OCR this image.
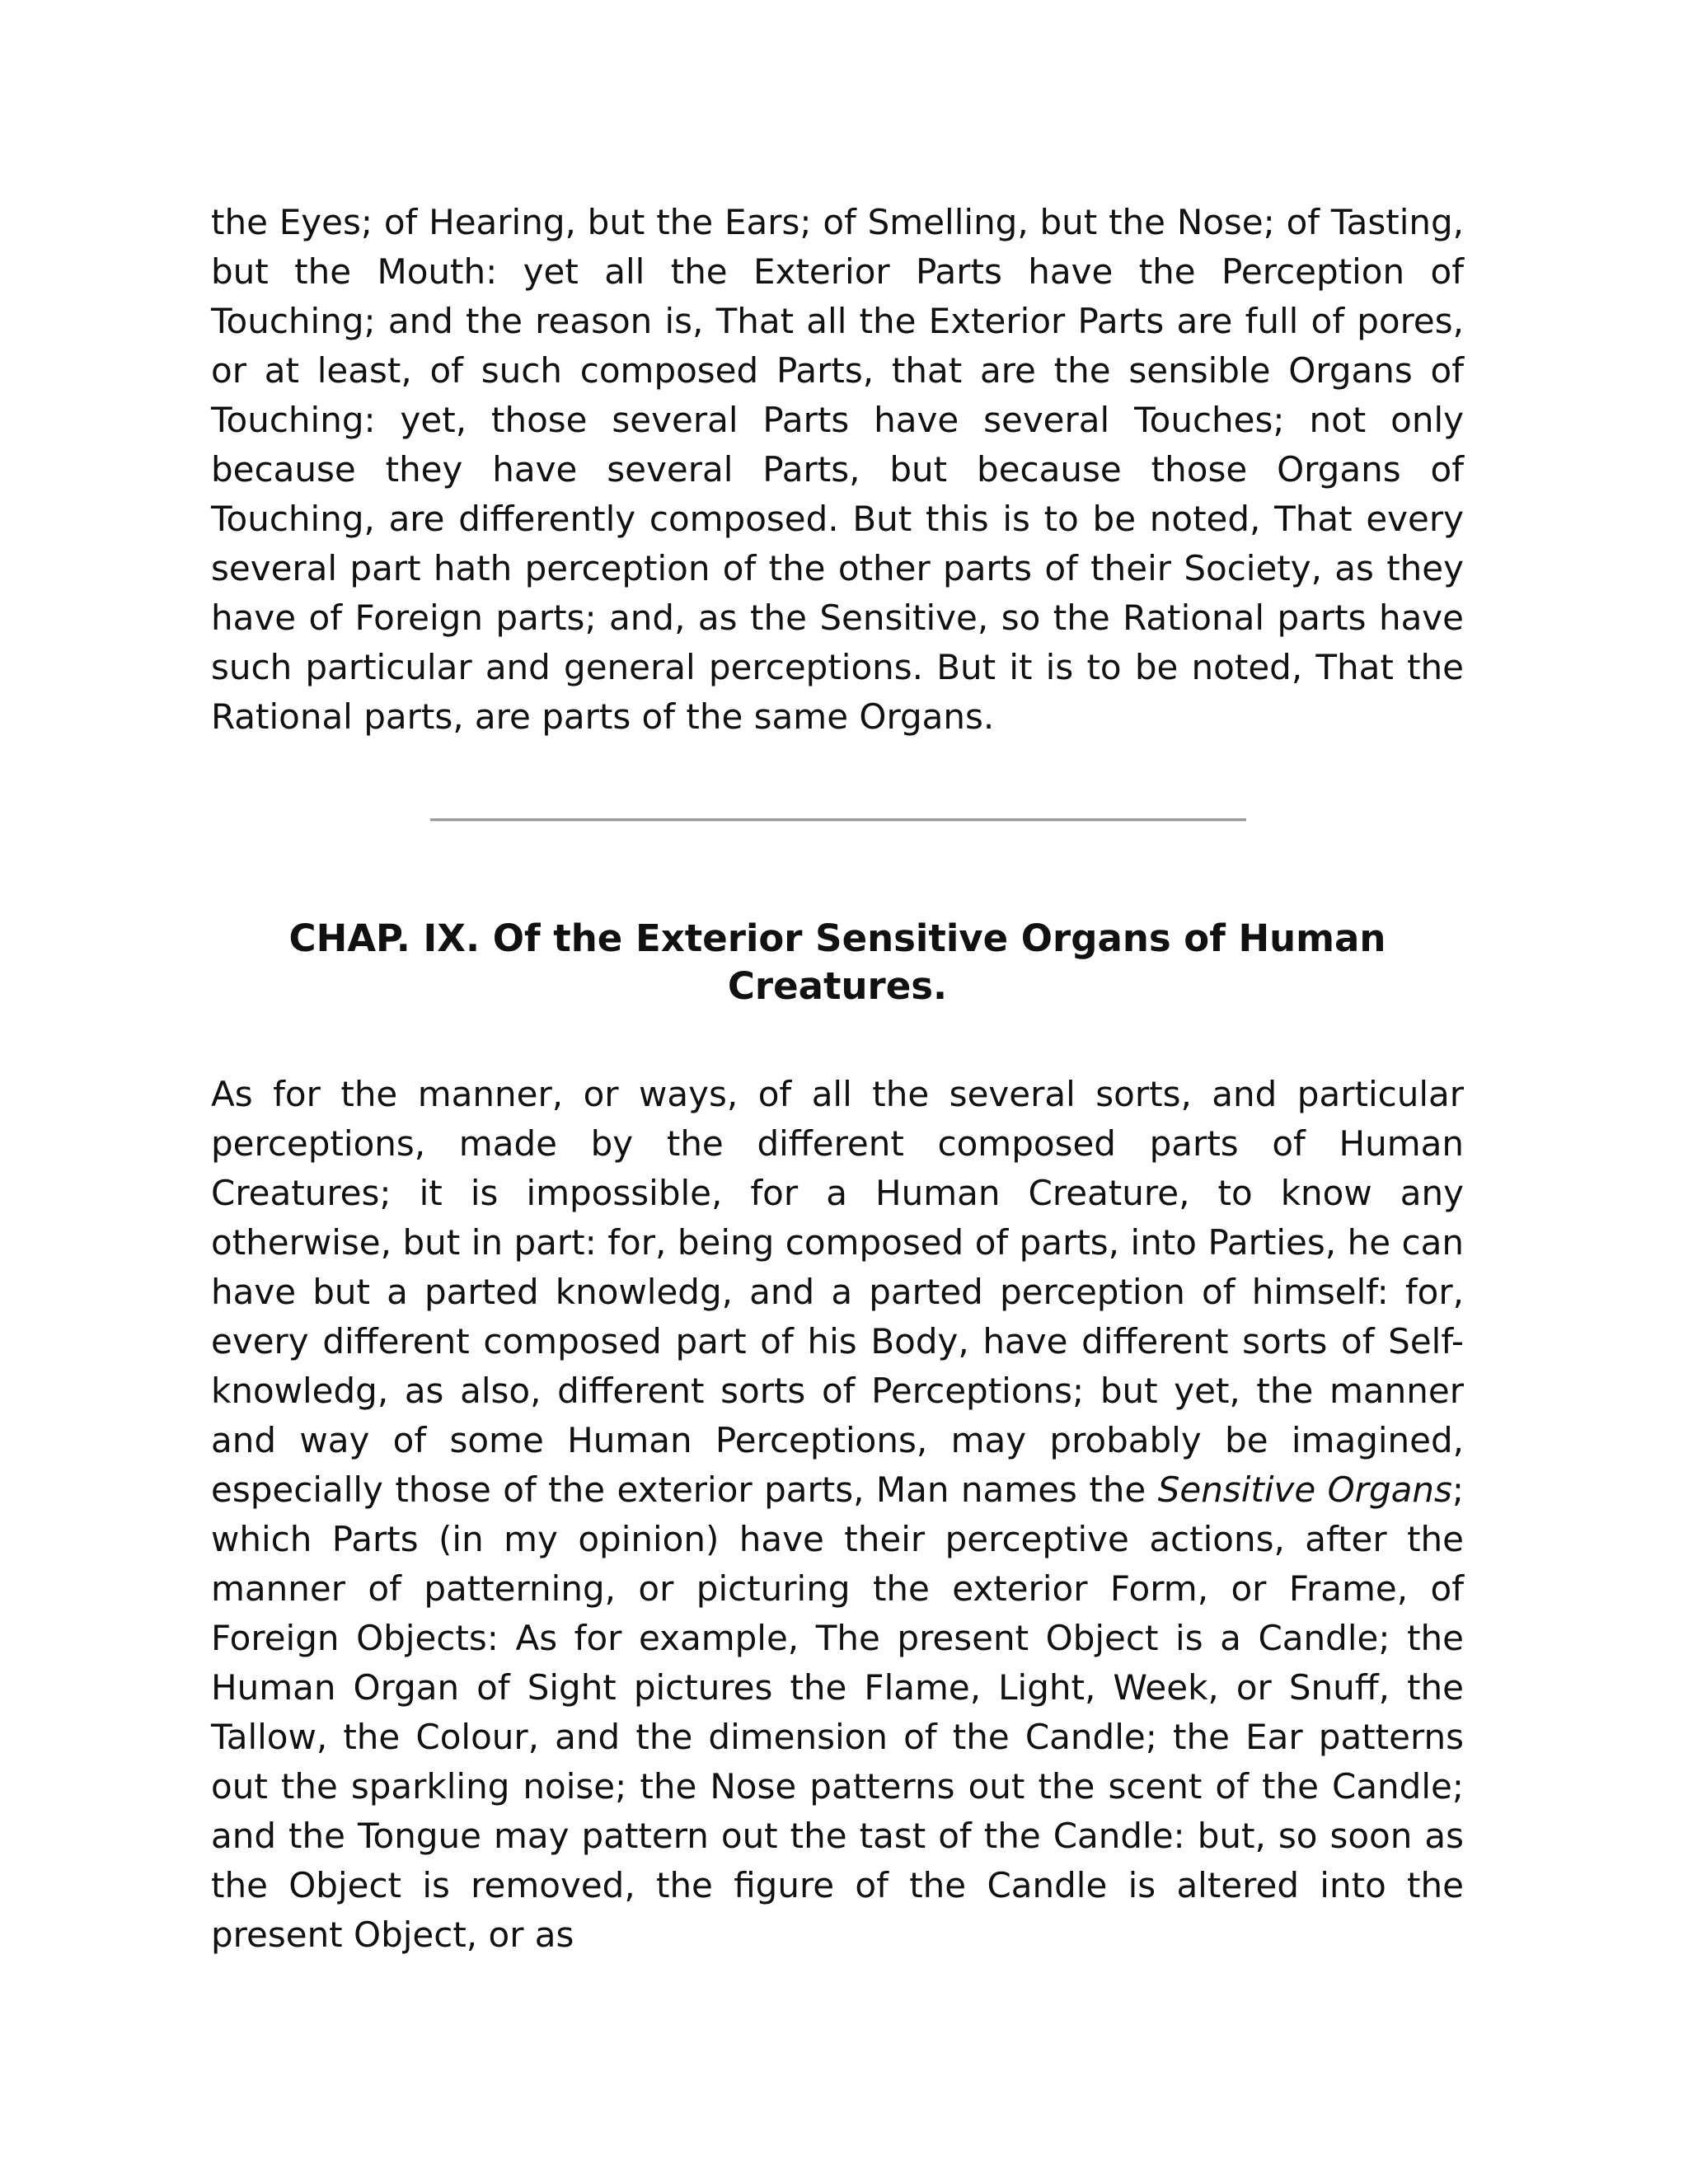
the Eyes; of Hearing, but the Ears; of Smelling, but the Nose; of Tasting, but the Mouth: yet all the Exterior Parts have the Perception of Touching; and the reason is, That all the Exterior Parts are full of pores, or at least, of such composed Parts, that are the sensible Organs of Touching: yet, those several Parts have several Touches; not only because they have several Parts, but because those Organs of Touching, are differently composed. But this is to be noted, That every several part hath perception of the other parts of their Society, as they have of Foreign parts; and, as the Sensitive, so the Rational parts have such particular and general perceptions. But it is to be noted, That the Rational parts, are parts of the same Organs.

CHAP. IX. Of the Exterior Sensitive Organs of Human Creatures.

As for the manner, or ways, of all the several sorts, and particular perceptions, made by the different composed parts of Human Creatures; it is impossible, for a Human Creature, to know any otherwise, but in part: for, being composed of parts, into Parties, he can have but a parted knowledg, and a parted perception of himself: for, every different composed part of his Body, have different sorts of Self-knowledg, as also, different sorts of Perceptions; but yet, the manner and way of some Human Perceptions, may probably be imagined, especially those of the exterior parts, Man names the Sensitive Organs; which Parts (in my opinion) have their perceptive actions, after the manner of patterning, or picturing the exterior Form, or Frame, of Foreign Objects: As for example, The present Object is a Candle; the Human Organ of Sight pictures the Flame, Light, Week, or Snuff, the Tallow, the Colour, and the dimension of the Candle; the Ear patterns out the sparkling noise; the Nose patterns out the scent of the Candle; and the Tongue may pattern out the tast of the Candle: but, so soon as the Object is removed, the figure of the Candle is altered into the present Object, or as
